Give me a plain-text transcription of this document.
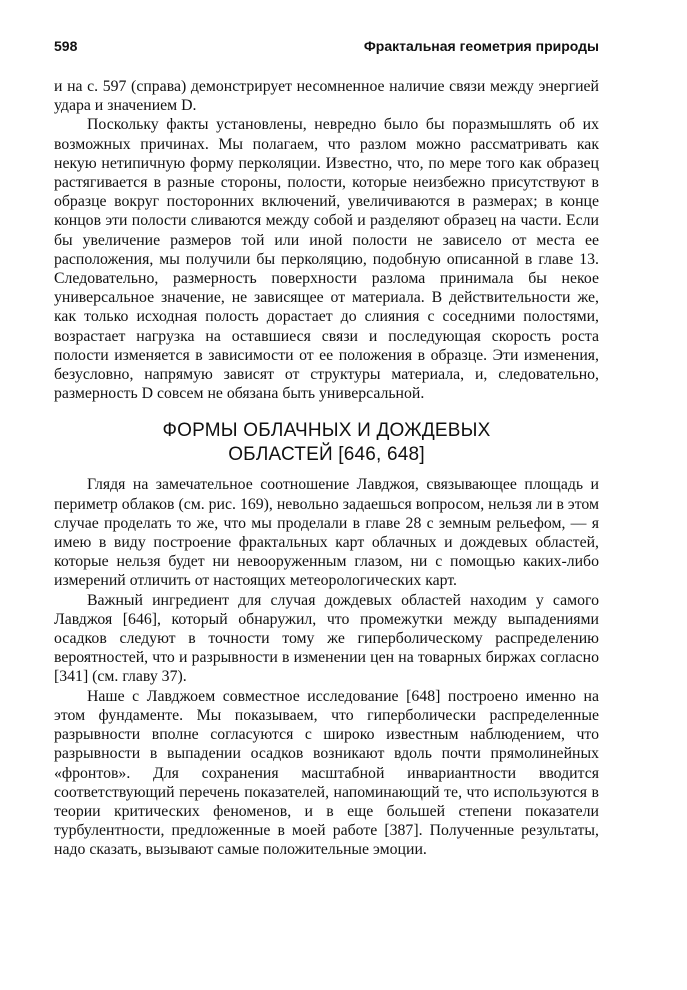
598	Фрактальная геометрия природы

и на с. 597 (справа) демонстрирует несомненное наличие связи между энергией удара и значением D.

Поскольку факты установлены, невредно было бы поразмышлять об их возможных причинах. Мы полагаем, что разлом можно рассматривать как некую нетипичную форму перколяции. Известно, что, по мере того как образец растягивается в разные стороны, полости, которые неизбежно присутствуют в образце вокруг посторонних включений, увеличиваются в размерах; в конце концов эти полости сливаются между собой и разделяют образец на части. Если бы увеличение размеров той или иной полости не зависело от места ее расположения, мы получили бы перколяцию, подобную описанной в главе 13. Следовательно, размерность поверхности разлома принимала бы некое универсальное значение, не зависящее от материала. В действительности же, как только исходная полость дорастает до слияния с соседними полостями, возрастает нагрузка на оставшиеся связи и последующая скорость роста полости изменяется в зависимости от ее положения в образце. Эти изменения, безусловно, напрямую зависят от структуры материала, и, следовательно, размерность D совсем не обязана быть универсальной.

ФОРМЫ ОБЛАЧНЫХ И ДОЖДЕВЫХ
ОБЛАСТЕЙ [646, 648]

Глядя на замечательное соотношение Лавджоя, связывающее площадь и периметр облаков (см. рис. 169), невольно задаешься вопросом, нельзя ли в этом случае проделать то же, что мы проделали в главе 28 с земным рельефом, — я имею в виду построение фрактальных карт облачных и дождевых областей, которые нельзя будет ни невооруженным глазом, ни с помощью каких-либо измерений отличить от настоящих метеорологических карт.

Важный ингредиент для случая дождевых областей находим у самого Лавджоя [646], который обнаружил, что промежутки между выпадениями осадков следуют в точности тому же гиперболическому распределению вероятностей, что и разрывности в изменении цен на товарных биржах согласно [341] (см. главу 37).

Наше с Лавджоем совместное исследование [648] построено именно на этом фундаменте. Мы показываем, что гиперболически распределенные разрывности вполне согласуются с широко известным наблюдением, что разрывности в выпадении осадков возникают вдоль почти прямолинейных «фронтов». Для сохранения масштабной инвариантности вводится соответствующий перечень показателей, напоминающий те, что используются в теории критических феноменов, и в еще большей степени показатели турбулентности, предложенные в моей работе [387]. Полученные результаты, надо сказать, вызывают самые положительные эмоции.
